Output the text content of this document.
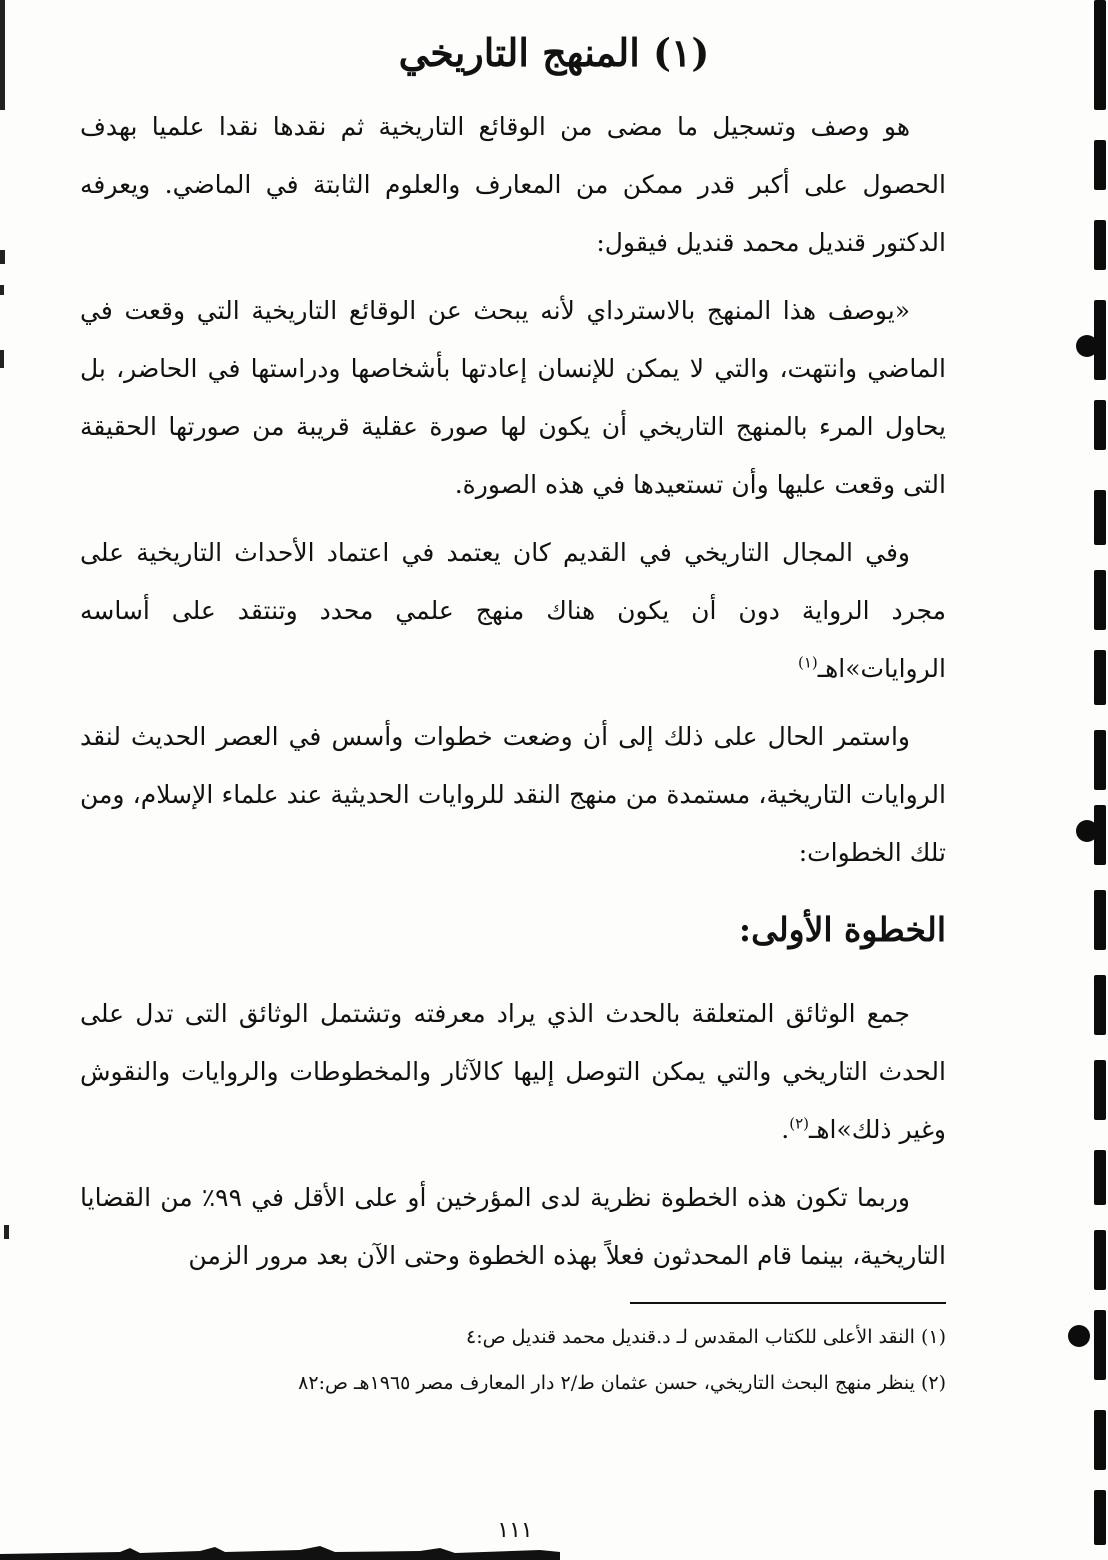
(١) المنهج التاريخي

هو وصف وتسجيل ما مضى من الوقائع التاريخية ثم نقدها نقدا علميا بهدف الحصول على أكبر قدر ممكن من المعارف والعلوم الثابتة في الماضي. ويعرفه الدكتور قنديل محمد قنديل فيقول:

«يوصف هذا المنهج بالاسترداي لأنه يبحث عن الوقائع التاريخية التي وقعت في الماضي وانتهت، والتي لا يمكن للإنسان إعادتها بأشخاصها ودراستها في الحاضر، بل يحاول المرء بالمنهج التاريخي أن يكون لها صورة عقلية قريبة من صورتها الحقيقة التى وقعت عليها وأن تستعيدها في هذه الصورة.

وفي المجال التاريخي في القديم كان يعتمد في اعتماد الأحداث التاريخية على مجرد الرواية دون أن يكون هناك منهج علمي محدد وتنتقد على أساسه الروايات»اهـ$^{(١)}$

واستمر الحال على ذلك إلى أن وضعت خطوات وأسس في العصر الحديث لنقد الروايات التاريخية، مستمدة من منهج النقد للروايات الحديثية عند علماء الإسلام، ومن تلك الخطوات:

الخطوة الأولى:

جمع الوثائق المتعلقة بالحدث الذي يراد معرفته وتشتمل الوثائق التى تدل على الحدث التاريخي والتي يمكن التوصل إليها كالآثار والمخطوطات والروايات والنقوش وغير ذلك»اهـ$^{(٢)}$.

وربما تكون هذه الخطوة نظرية لدى المؤرخين أو على الأقل في ٩٩٪ من القضايا التاريخية، بينما قام المحدثون فعلاً بهذه الخطوة وحتى الآن بعد مرور الزمن

(١) النقد الأعلى للكتاب المقدس لـ د.قنديل محمد قنديل ص:٤

(٢) ينظر منهج البحث التاريخي، حسن عثمان ط/٢ دار المعارف مصر ١٩٦٥هـ ص:٨٢

١١١
